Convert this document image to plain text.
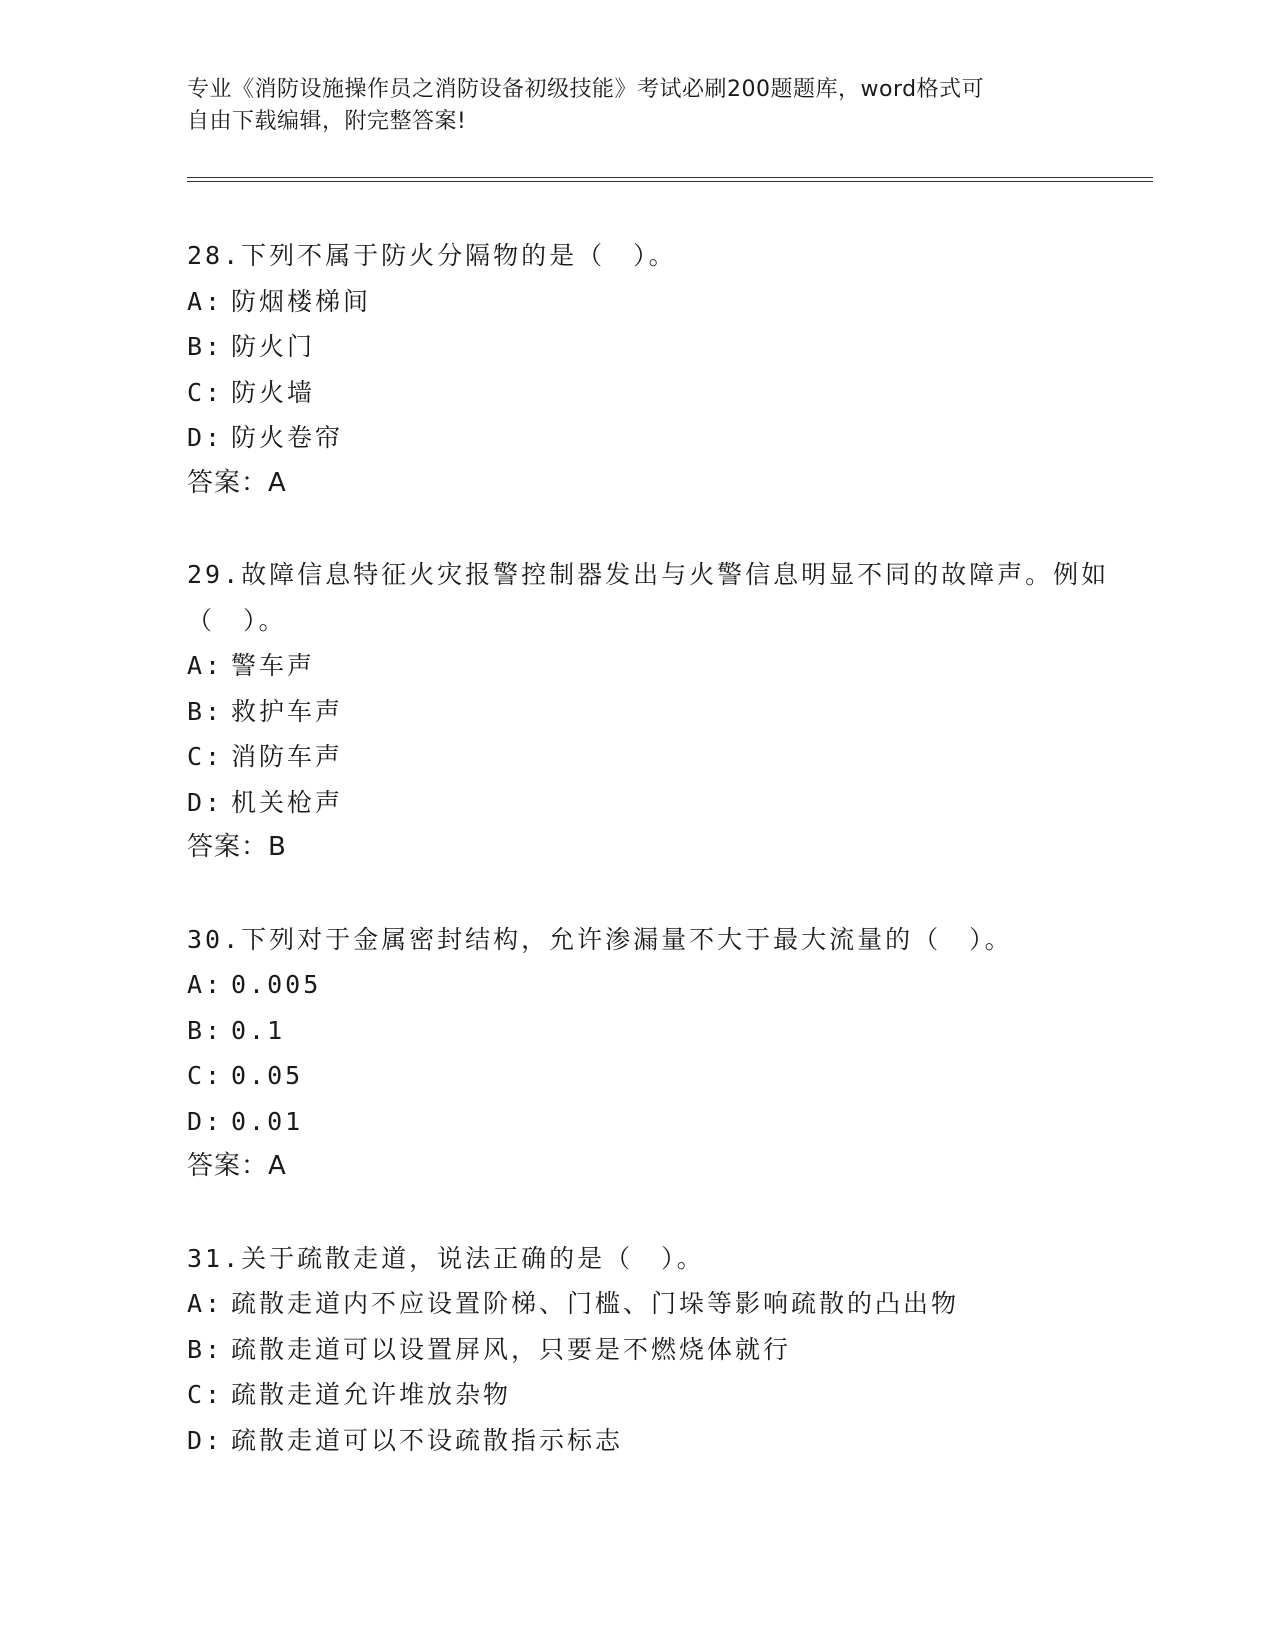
专业《消防设施操作员之消防设备初级技能》考试必刷200题题库，word格式可
自由下载编辑，附完整答案!
28.下列不属于防火分隔物的是（　）。
A: 防烟楼梯间
B: 防火门
C: 防火墙
D: 防火卷帘
答案：A
29.故障信息特征火灾报警控制器发出与火警信息明显不同的故障声。例如（　）。
A: 警车声
B: 救护车声
C: 消防车声
D: 机关枪声
答案：B
30.下列对于金属密封结构，允许渗漏量不大于最大流量的（　）。
A: 0.005
B: 0.1
C: 0.05
D: 0.01
答案：A
31.关于疏散走道，说法正确的是（　）。
A: 疏散走道内不应设置阶梯、门槛、门垛等影响疏散的凸出物
B: 疏散走道可以设置屏风，只要是不燃烧体就行
C: 疏散走道允许堆放杂物
D: 疏散走道可以不设疏散指示标志
